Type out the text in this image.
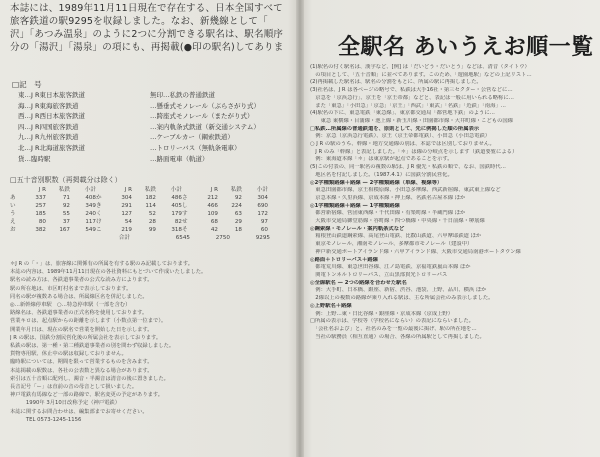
本誌には、1989年11月11日現在で存在する、日本全国すべて

旅客鉄道の駅9295を収録しました。なお、新幾線として「

沢」「あつみ温泉」のように2つに分割できる駅名は、駅名順序

分の「湯沢」「湯泉」の項にも、再掲載(●印の駅名)してありま

□記　号
東…J R東日本旅客鉄道
海…J R東海旅客鉄道
西…J R西日本旅客鉄道
四…J R四国旅客鉄道
九…J R九州旅客鉄道
北…J R北海道旅客鉄道
貨…臨時駅
無印…私鉄の普通鉄道
…懸垂式モノレール（ぶらさがり式）
…跨座式モノレール（またがり式）
…案内軌条式鉄道（新交通システム）
…ケーブルカー（鋼索鉄道）
…トロリーバス（無軌条電車）
…路面電車（軌道）
□五十音別駅数（再掲載分は除く）
J R	私鉄	小計	J R	私鉄	小計	J R	私鉄	小計
あ	337	71	408 か	304	182	486 さ	212	92	304
い	257	92	349 き	291	114	405 し	466	224	690
う	185	55	240 く	127	52	179 す	109	63	172
え	80	37	117 け	54	28	82 せ	68	29	97
お	382	167	549 こ	219	99	318 そ	42	18	60
合計	6545	2750	9295
＊J R の「・」は、旅客線に関係有の所属を有する駅のみ記載しております。
本誌の内容は、1989年11月11日現在の各社資料にもとづいて作成いたしました。
駅名の読み方は、各鉄道事業者の公式な読み方によります。
駅の所在地は、市区町村名まで表示しております。
同名の駅が複数ある場合は、所属線区名を併記しました。
◎…新幹線停車駅　○…特急停車駅（一部を含む）
路線名は、各鉄道事業者の正式名称を使用しております。
営業キロは、起点駅からの距離を示します（小数点第一位まで）。
開業年月日は、現在の駅名で営業を開始した日を示します。
J R の駅は、国鉄分割民営化後の所属会社を表示しております。
私鉄の駅は、第一種・第二種鉄道事業者の別を問わず収録しました。
貨物専用駅、休止中の駅は収録しておりません。
臨時駅については、期間を限って営業するものを含みます。
本誌掲載の駅数は、各社の公表数と異なる場合があります。
索引は五十音順に配列し、濁音・半濁音は清音の後に置きました。
長音記号「ー」は直前の音の母音として扱いました。
神戸電鉄有馬線など一部の路線で、駅名変更の予定があります。
　　　1990年 3月10日改称予定（神戸電鉄）
本誌に関するお問合わせは、編集部までお寄せください。
　　　TEL 0573-1245-1156
全駅名 あいうえお順一覧
(1)駅名の付く駅名は、漢字など、[例] は「だいどう・だいとう」などは、清音（タイトウ）
　の項目として、「五十音順」に並べてあります。このため、「遊園地駅」などの上記リスト…
(2)再掲載した駅名は、駅名の分割をもとに、所属の駅に再掲しました。
(3)社名は、J R は各ページの略号で、私鉄は大手16社・第三セクター・公営などに…
　京急を「京浜急行」、京王を「京王帝都」などと、表記は一般に用いられる略称に…
　また「東急」「小田急」「京急」「京王」「西武」「東武」「名鉄」「近鉄」「南海」…
(4)駅名の下に、東急電鉄「東急線」、東京都交通局「都営地下鉄」のように…
　　東急 東横線・目蒲線・池上線・新玉川線・田園都市線・大井町線・こどもの国線
□私鉄…所属線の普通鉄道を、原則として、先に例掲した順の所属表示
　例：京急（京浜急行電鉄）、京王（京王帝都電鉄）、小田急（小田急電鉄）
○ J R の駅のうち、幹線・地方交通線の別は、本誌では区別しておりません。
　J R のみ「幹線」と表記しました。「＊」は線の分岐点を示します（鉄道要覧による）
　例：東海道本線「＊」は東京駅が起点であることを示す。
(5)この付表の、同一駅名の複数の駅は、J R 優先・私鉄の順で、なお、国鉄時代…
　地区名を付記しました。（1987.4.1）に国鉄分割民営化。
◎2字種類路線＋路線 — 2字種類路線（単線、複線等）
　東急田園都市線、京王相模原線、小田急多摩線、西武新宿線、東武東上線など
　京急本線・久里浜線、京成本線・押上線、名鉄名古屋本線 ほか
◎1字種類路線＋路線 — 1字種類路線
　都営新宿線、営団東西線・千代田線・有楽町線・半蔵門線 ほか
　大阪市交通局御堂筋線・谷町線・四つ橋線・中央線・千日前線・堺筋線
◎鋼索線・モノレール・案内軌条式など
　箱根登山鉄道鋼索線、高尾登山電鉄、比叡山鉄道、六甲摩耶鉄道 ほか
　東京モノレール、湘南モノレール、多摩都市モノレール（建設中）
　神戸新交通ポートアイランド線・六甲アイランド線、大阪市交通局南港ポートタウン線
◎路面＋トロリーバス＋路線
　都電荒川線、東急世田谷線、江ノ島電鉄、京福電鉄嵐山本線 ほか
　関電トンネルトロリーバス、立山黒部貫光トロリーバス
◎全線駅名 — 2つの路線を合わせた駅名
　例：大手町、日本橋、銀座、新宿、渋谷、池袋、上野、品川、横浜 ほか
　2線以上の複数の路線が乗り入れる駅は、主な所属会社のみ表示しました。
◎上野駅名＋路線
　例：上野…東・日比谷線・銀座線・京成本線（京成上野）
□所属の表示は、学校等（学校名にならい）の表記にならいました。
　「会社名および」と、社名のみを一覧の最後に掲げ、駅の所在地を…
　当社の駅務員（相互直通）の場合、各線の所属駅として再掲しました。
